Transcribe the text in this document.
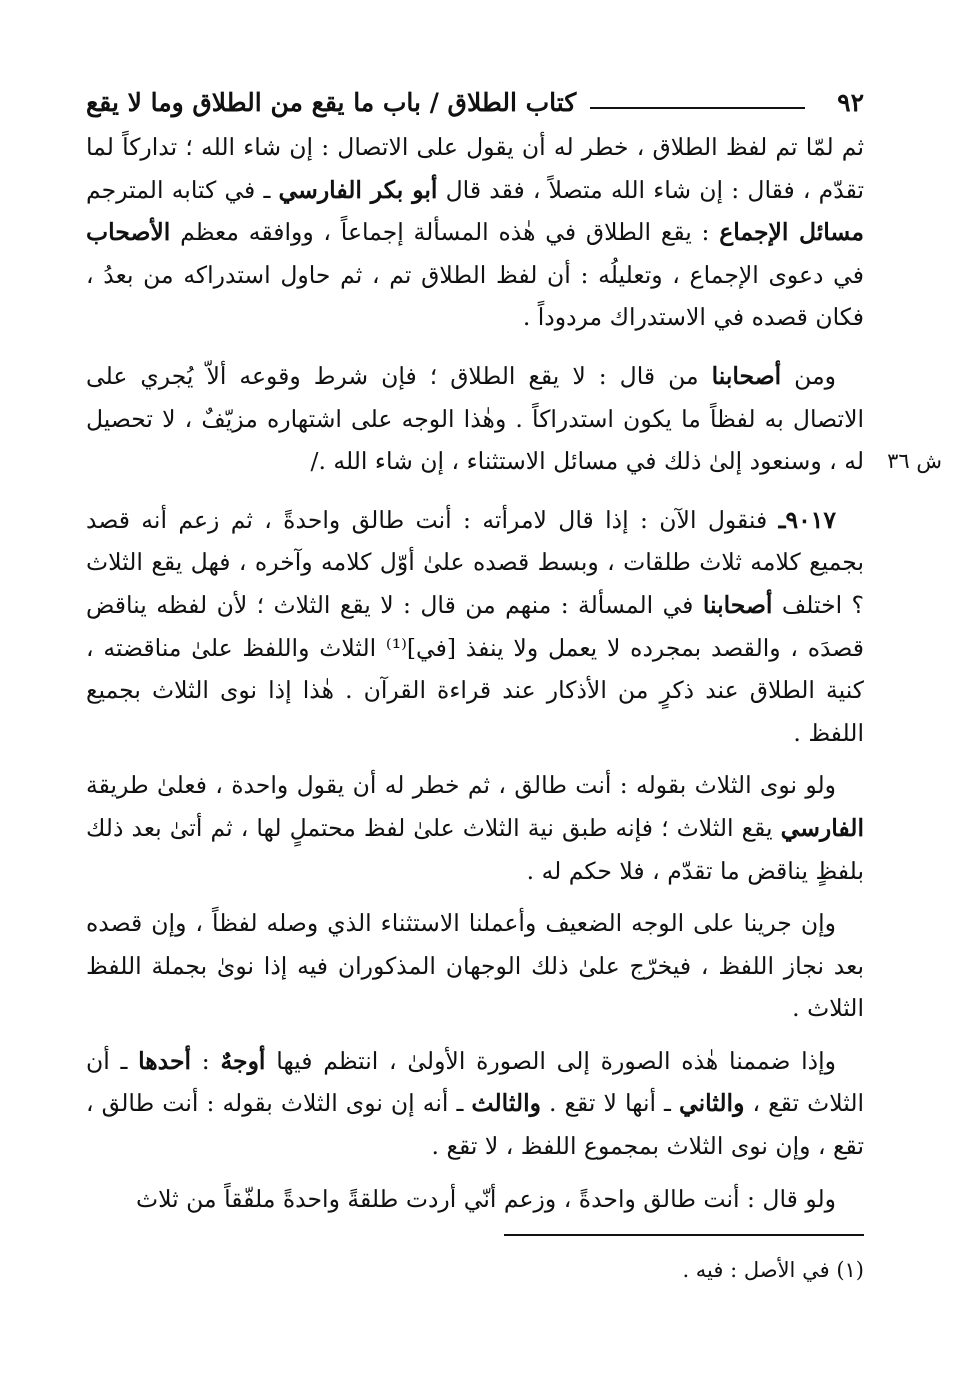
٩٢
كتاب الطلاق / باب ما يقع من الطلاق وما لا يقع

ثم لمّا تم لفظ الطلاق ، خطر له أن يقول على الاتصال : إن شاء الله ؛ تداركاً لما تقدّم ، فقال : إن شاء الله متصلاً ، فقد قال أبو بكر الفارسي ـ في كتابه المترجم مسائل الإجماع : يقع الطلاق في هٰذه المسألة إجماعاً ، ووافقه معظم الأصحاب في دعوى الإجماع ، وتعليلُه : أن لفظ الطلاق تم ، ثم حاول استدراكه من بعدُ ، فكان قصده في الاستدراك مردوداً .

ومن أصحابنا من قال : لا يقع الطلاق ؛ فإن شرط وقوعه ألاّ يُجري على الاتصال به لفظاً ما يكون استدراكاً . وهٰذا الوجه على اشتهاره مزيّفٌ ، لا تحصيل له ، وسنعود إلىٰ ذلك في مسائل الاستثناء ، إن شاء الله ./ ش ٣٦

٩٠١٧ـ فنقول الآن : إذا قال لامرأته : أنت طالق واحدةً ، ثم زعم أنه قصد بجميع كلامه ثلاث طلقات ، وبسط قصده علىٰ أوّل كلامه وآخره ، فهل يقع الثلاث ؟ اختلف أصحابنا في المسألة : منهم من قال : لا يقع الثلاث ؛ لأن لفظه يناقض قصدَه ، والقصد بمجرده لا يعمل ولا ينفذ [في]⁽¹⁾ الثلاث واللفظ علىٰ مناقضته ، كنية الطلاق عند ذكرٍ من الأذكار عند قراءة القرآن . هٰذا إذا نوى الثلاث بجميع اللفظ .

ولو نوى الثلاث بقوله : أنت طالق ، ثم خطر له أن يقول واحدة ، فعلىٰ طريقة الفارسي يقع الثلاث ؛ فإنه طبق نية الثلاث علىٰ لفظ محتملٍ لها ، ثم أتىٰ بعد ذلك بلفظٍ يناقض ما تقدّم ، فلا حكم له .

وإن جرينا على الوجه الضعيف وأعملنا الاستثناء الذي وصله لفظاً ، وإن قصده بعد نجاز اللفظ ، فيخرّج علىٰ ذلك الوجهان المذكوران فيه إذا نوىٰ بجملة اللفظ الثلاث .

وإذا ضممنا هٰذه الصورة إلى الصورة الأولىٰ ، انتظم فيها أوجهٌ : أحدها ـ أن الثلاث تقع ، والثاني ـ أنها لا تقع . والثالث ـ أنه إن نوى الثلاث بقوله : أنت طالق ، تقع ، وإن نوى الثلاث بمجموع اللفظ ، لا تقع .

ولو قال : أنت طالق واحدةً ، وزعم أنّي أردت طلقةً واحدةً ملفّقاً من ثلاث

(١) في الأصل : فيه .
